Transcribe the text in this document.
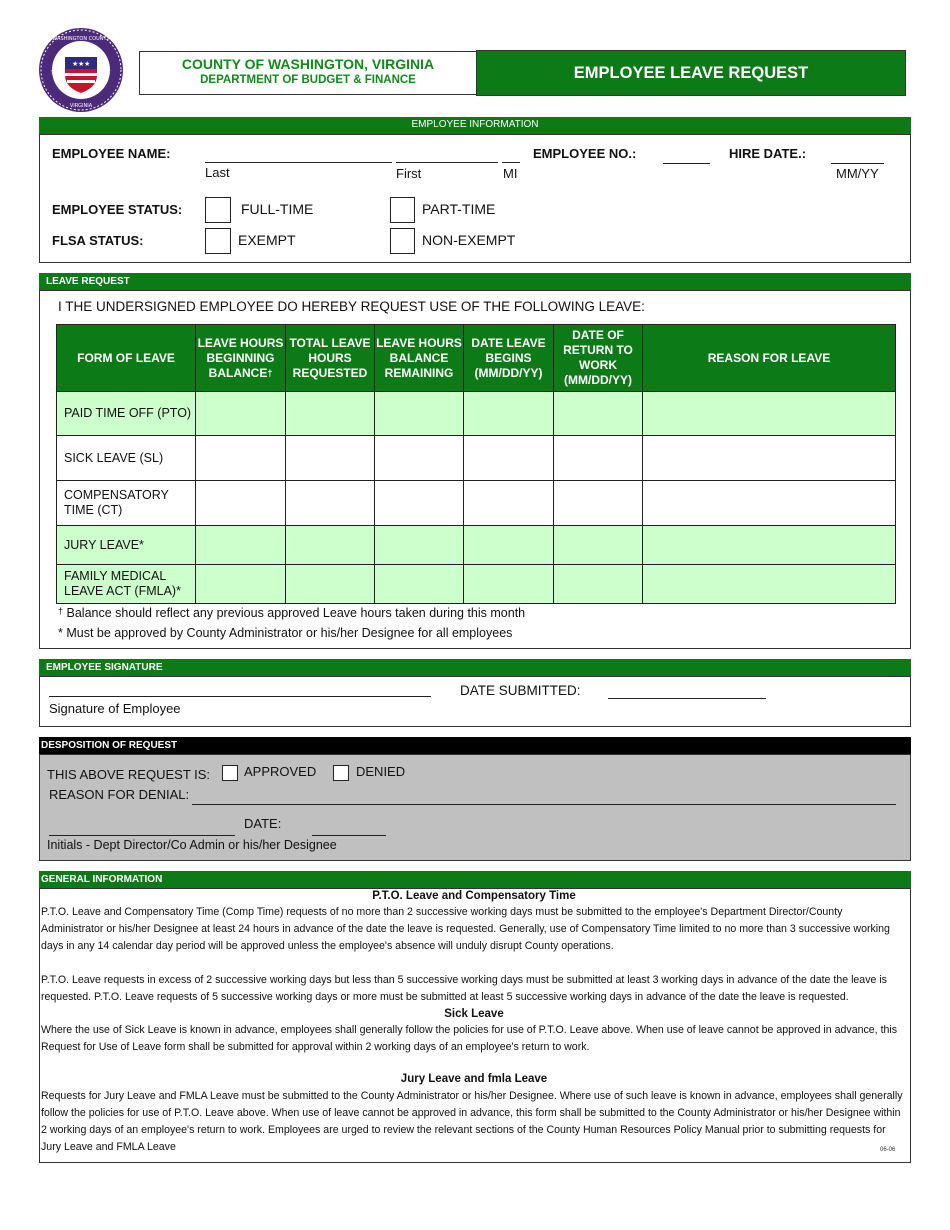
★ ★ ★
★	★
WASHINGTON COUNTY
VIRGINIA
COUNTY OF WASHINGTON, VIRGINIA
DEPARTMENT OF BUDGET & FINANCE	EMPLOYEE LEAVE REQUEST
EMPLOYEE INFORMATION
EMPLOYEE NAME:
Last	First	MI
EMPLOYEE NO.:	HIRE DATE.:
MM/YY
EMPLOYEE STATUS:	FULL-TIME	PART-TIME
FLSA STATUS:	EXEMPT	NON-EXEMPT
LEAVE REQUEST
I THE UNDERSIGNED EMPLOYEE DO HEREBY REQUEST USE OF THE FOLLOWING LEAVE:
FORM OF LEAVE	LEAVE HOURS BEGINNING BALANCE†	TOTAL LEAVE HOURS REQUESTED	LEAVE HOURS BALANCE REMAINING	DATE LEAVE BEGINS (MM/DD/YY)	DATE OF RETURN TO WORK (MM/DD/YY)	REASON FOR LEAVE
PAID TIME OFF (PTO)						
SICK LEAVE (SL)						
COMPENSATORY TIME (CT)						
JURY LEAVE*						
FAMILY MEDICAL LEAVE ACT (FMLA)*						
† Balance should reflect any previous approved Leave hours taken during this month
* Must be approved by County Administrator or his/her Designee for all employees
EMPLOYEE SIGNATURE
Signature of Employee
DATE SUBMITTED:
DESPOSITION OF REQUEST
THIS ABOVE REQUEST IS:	APPROVED	DENIED
REASON FOR DENIAL:
DATE:
Initials - Dept Director/Co Admin or his/her Designee
GENERAL INFORMATION
P.T.O. Leave and Compensatory Time

P.T.O. Leave and Compensatory Time (Comp Time) requests of no more than 2 successive working days must be submitted to the employee's Department Director/County Administrator or his/her Designee at least 24 hours in advance of the date the leave is requested. Generally, use of Compensatory Time limited to no more than 3 successive working days in any 14 calendar day period will be approved unless the employee's absence will unduly disrupt County operations.

P.T.O. Leave requests in excess of 2 successive working days but less than 5 successive working days must be submitted at least 3 working days in advance of the date the leave is requested. P.T.O. Leave requests of 5 successive working days or more must be submitted at least 5 successive working days in advance of the date the leave is requested.

Sick Leave

Where the use of Sick Leave is known in advance, employees shall generally follow the policies for use of P.T.O. Leave above. When use of leave cannot be approved in advance, this Request for Use of Leave form shall be submitted for approval within 2 working days of an employee's return to work.

Jury Leave and fmla Leave

Requests for Jury Leave and FMLA Leave must be submitted to the County Administrator or his/her Designee. Where use of such leave is known in advance, employees shall generally follow the policies for use of P.T.O. Leave above. When use of leave cannot be approved in advance, this form shall be submitted to the County Administrator or his/her Designee within 2 working days of an employee's return to work. Employees are urged to review the relevant sections of the County Human Resources Policy Manual prior to submitting requests for Jury Leave and FMLA Leave	06-06
